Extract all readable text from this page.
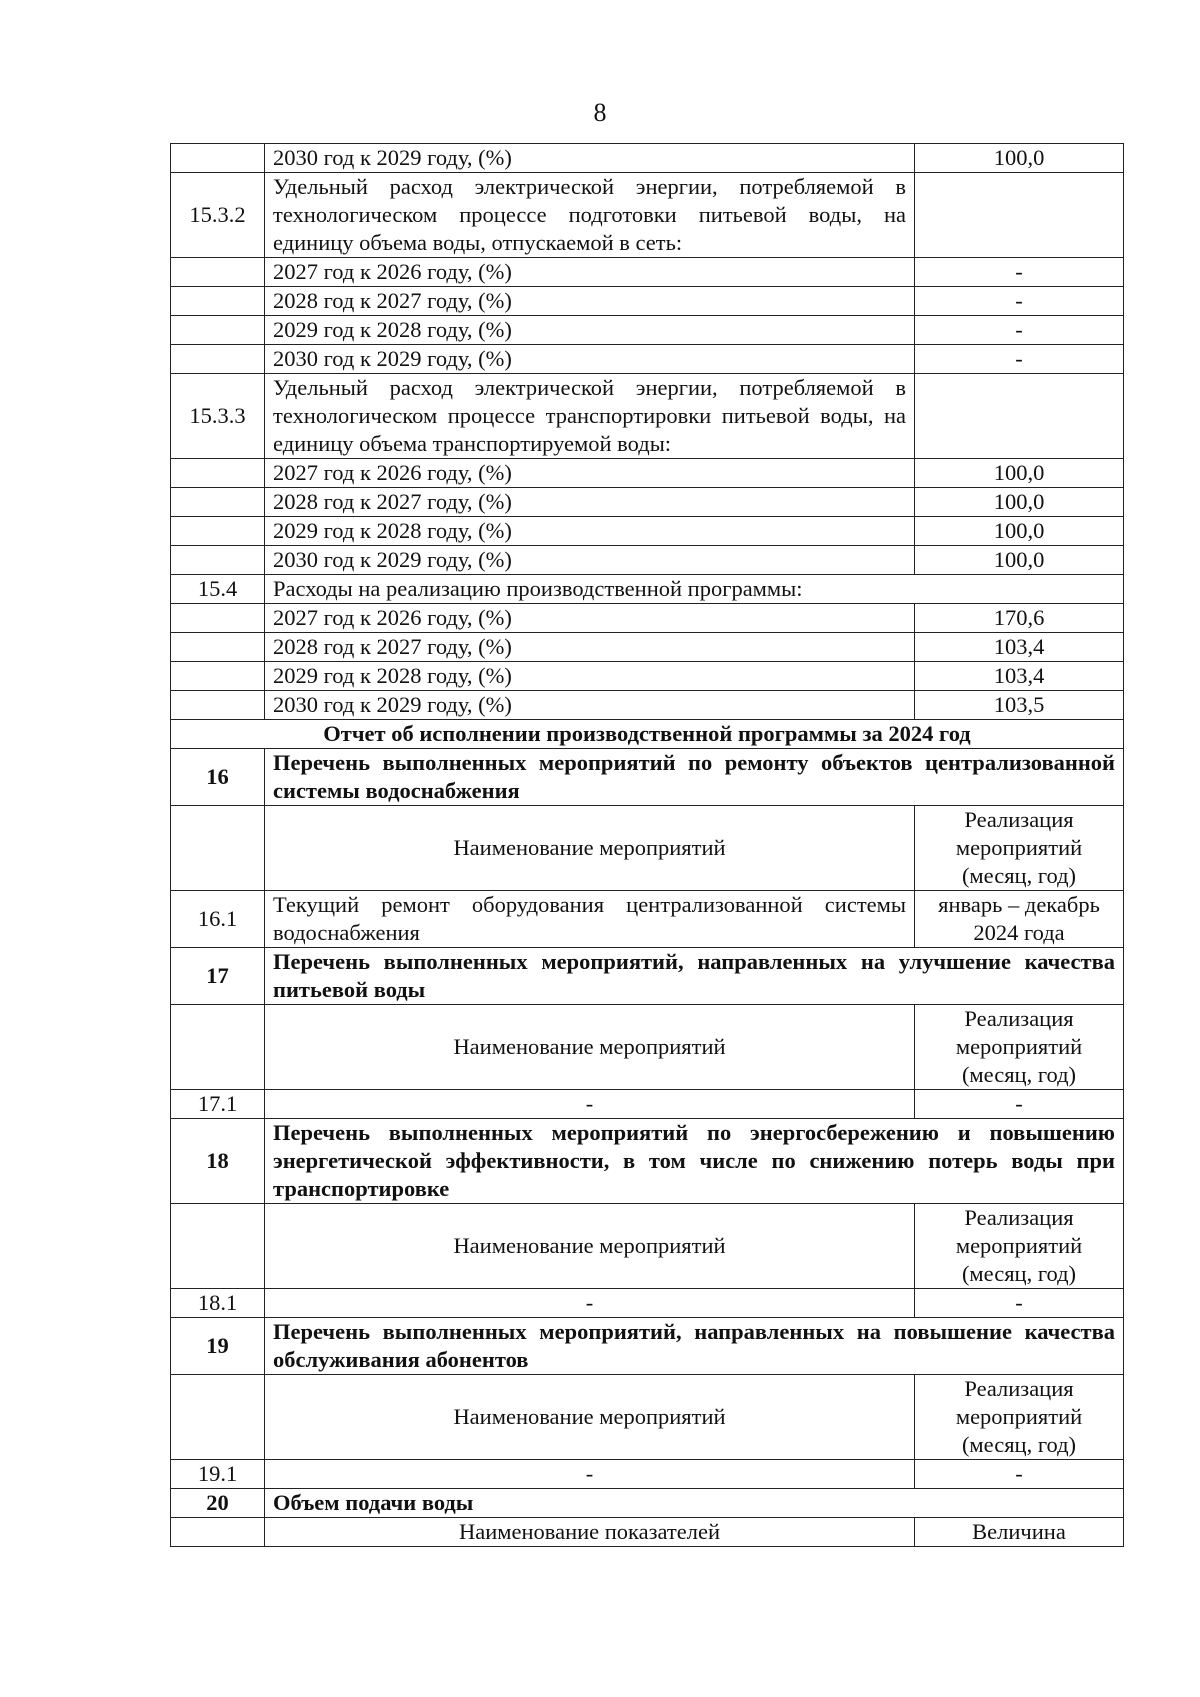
8
	2030 год к 2029 году, (%)	100,0
15.3.2	Удельный расход электрической энергии, потребляемой в технологическом процессе подготовки питьевой воды, на единицу объема воды, отпускаемой в сеть:	
	2027 год к 2026 году, (%)	-
	2028 год к 2027 году, (%)	-
	2029 год к 2028 году, (%)	-
	2030 год к 2029 году, (%)	-
15.3.3	Удельный расход электрической энергии, потребляемой в технологическом процессе транспортировки питьевой воды, на единицу объема транспортируемой воды:	
	2027 год к 2026 году, (%)	100,0
	2028 год к 2027 году, (%)	100,0
	2029 год к 2028 году, (%)	100,0
	2030 год к 2029 году, (%)	100,0
15.4	Расходы на реализацию производственной программы:	
	2027 год к 2026 году, (%)	170,6
	2028 год к 2027 году, (%)	103,4
	2029 год к 2028 году, (%)	103,4
	2030 год к 2029 году, (%)	103,5
Отчет об исполнении производственной программы за 2024 год		
16	Перечень выполненных мероприятий по ремонту объектов централизованной системы водоснабжения	
	Наименование мероприятий	Реализация мероприятий (месяц, год)
16.1	Текущий ремонт оборудования централизованной системы водоснабжения	январь – декабрь 2024 года
17	Перечень выполненных мероприятий, направленных на улучшение качества питьевой воды	
	Наименование мероприятий	Реализация мероприятий (месяц, год)
17.1	-	-
18	Перечень выполненных мероприятий по энергосбережению и повышению энергетической эффективности, в том числе по снижению потерь воды при транспортировке	
	Наименование мероприятий	Реализация мероприятий (месяц, год)
18.1	-	-
19	Перечень выполненных мероприятий, направленных на повышение качества обслуживания абонентов	
	Наименование мероприятий	Реализация мероприятий (месяц, год)
19.1	-	-
20	Объем подачи воды	
	Наименование показателей	Величина
